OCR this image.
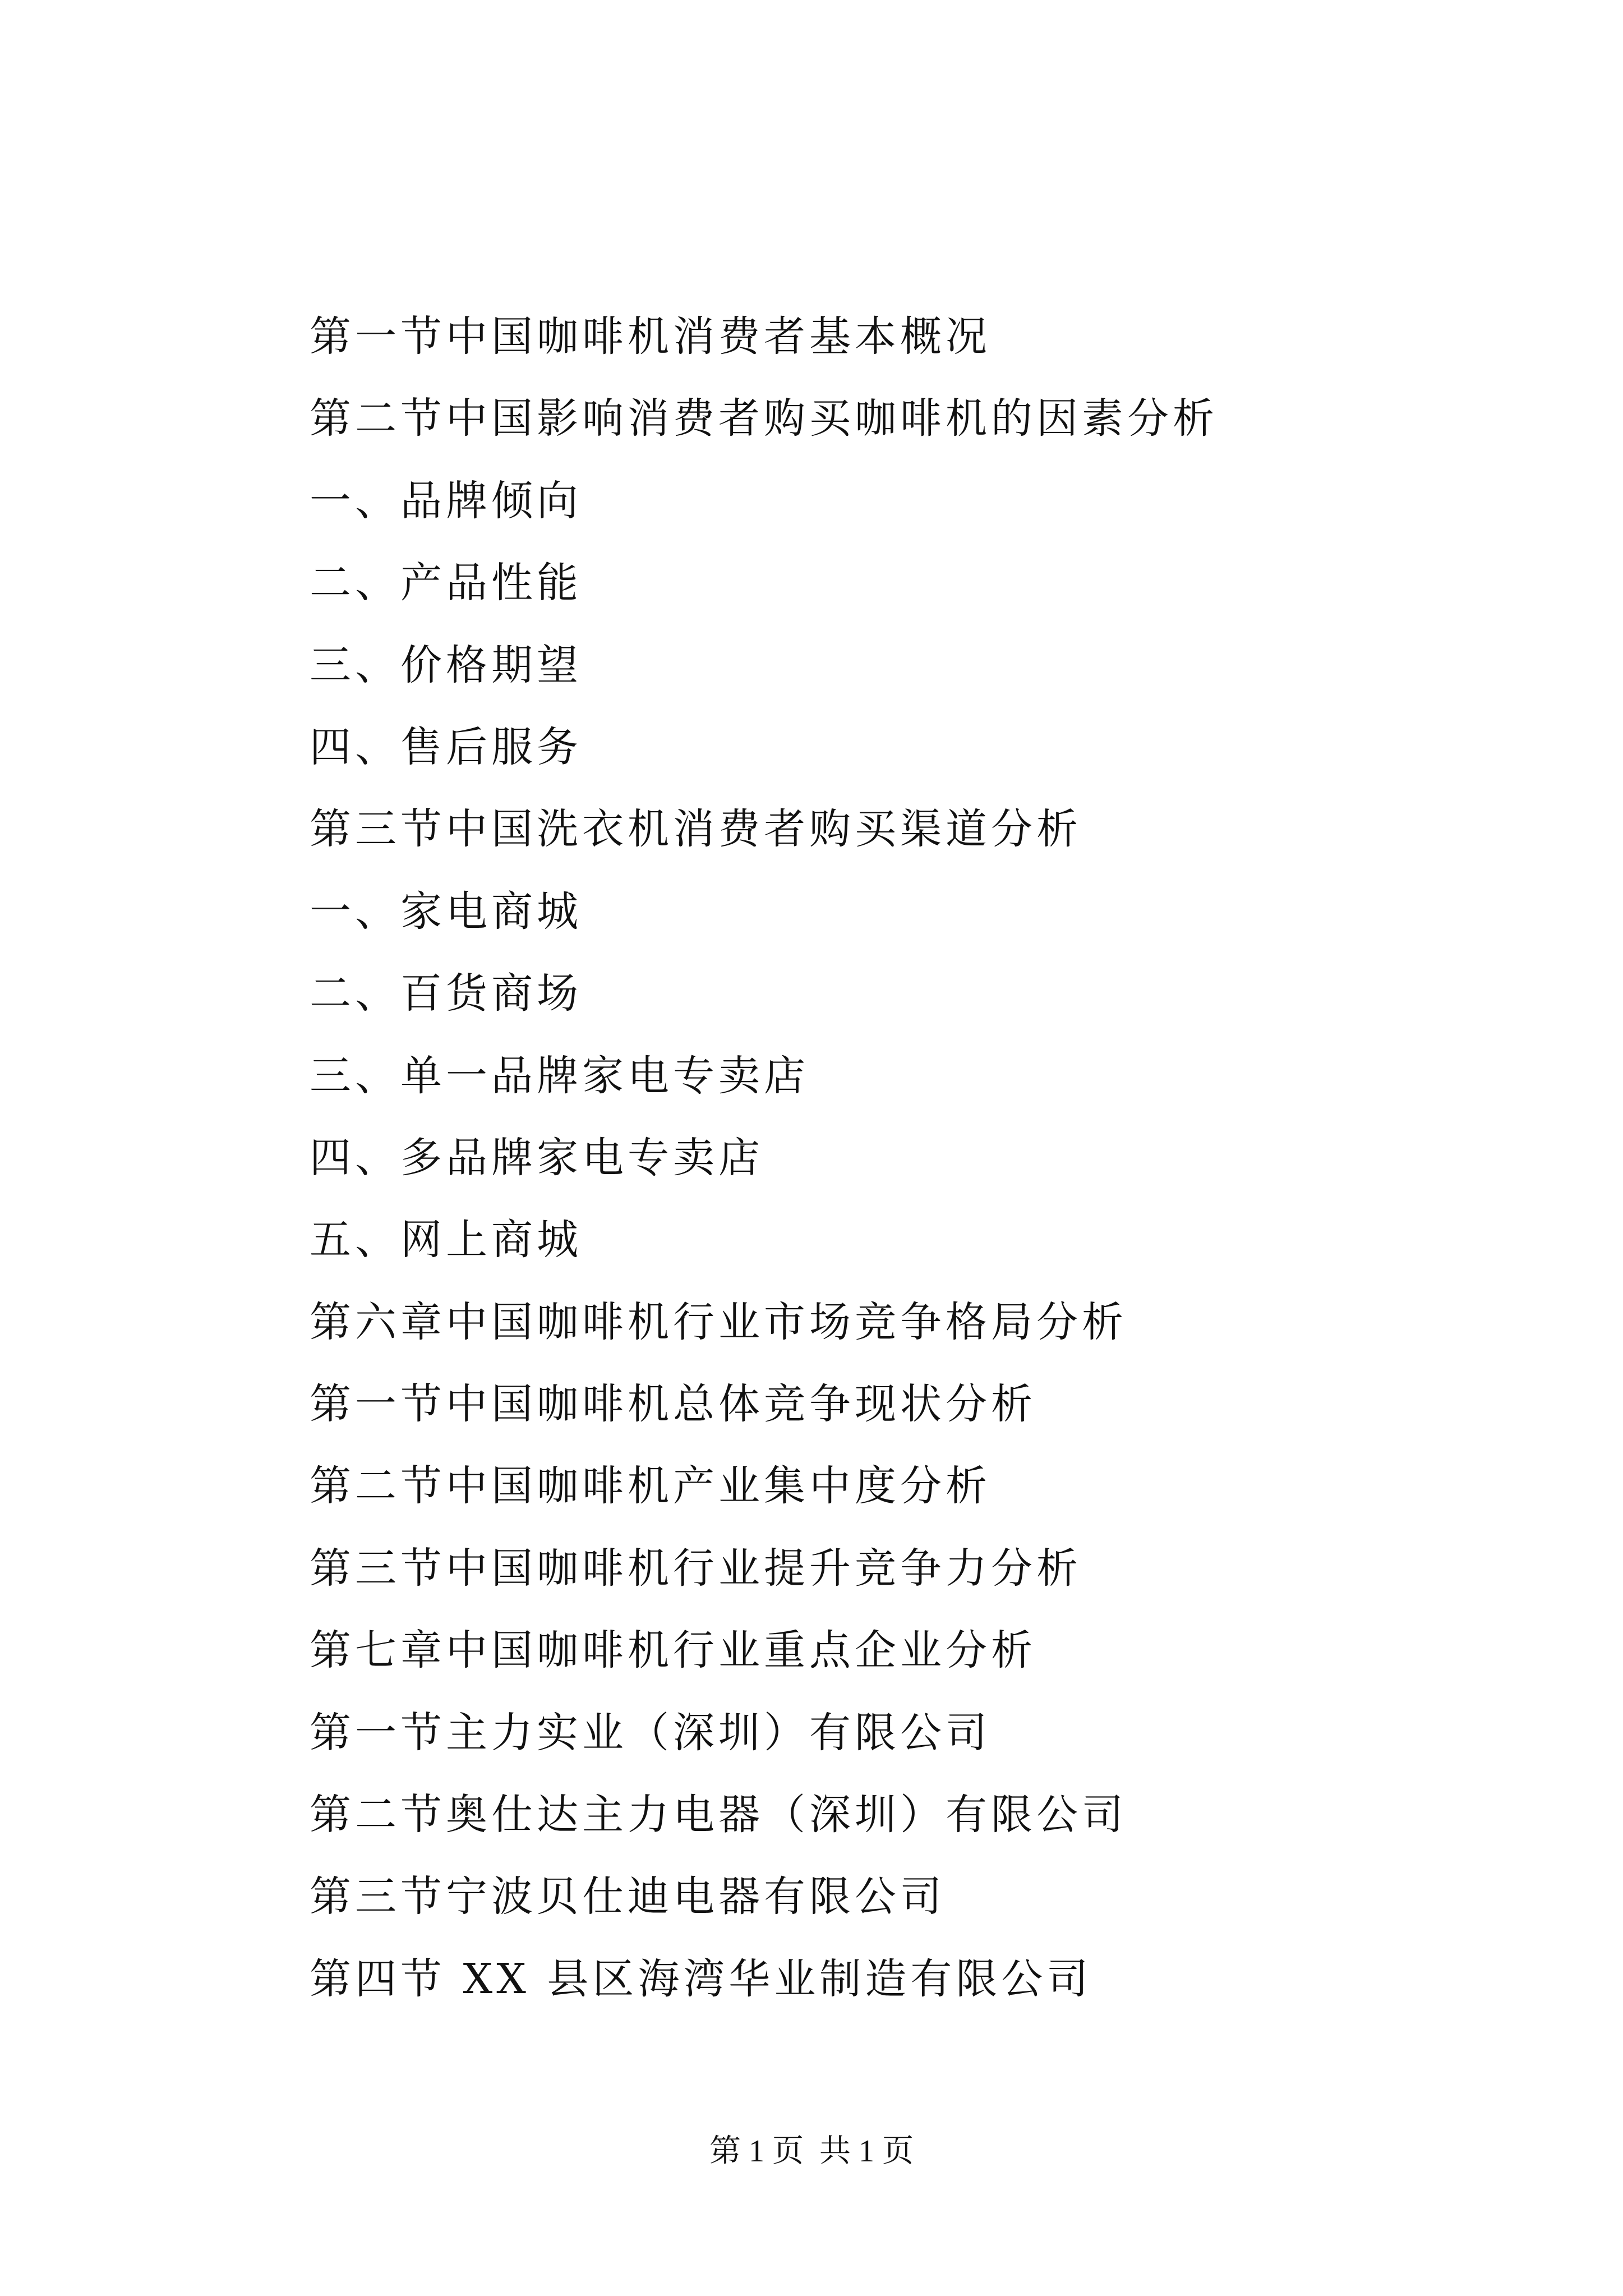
第一节中国咖啡机消费者基本概况
第二节中国影响消费者购买咖啡机的因素分析
一、品牌倾向
二、产品性能
三、价格期望
四、售后服务
第三节中国洗衣机消费者购买渠道分析
一、家电商城
二、百货商场
三、单一品牌家电专卖店
四、多品牌家电专卖店
五、网上商城
第六章中国咖啡机行业市场竞争格局分析
第一节中国咖啡机总体竞争现状分析
第二节中国咖啡机产业集中度分析
第三节中国咖啡机行业提升竞争力分析
第七章中国咖啡机行业重点企业分析
第一节主力实业（深圳）有限公司
第二节奥仕达主力电器（深圳）有限公司
第三节宁波贝仕迪电器有限公司
第四节 XX 县区海湾华业制造有限公司
第 1 页  共 1 页
